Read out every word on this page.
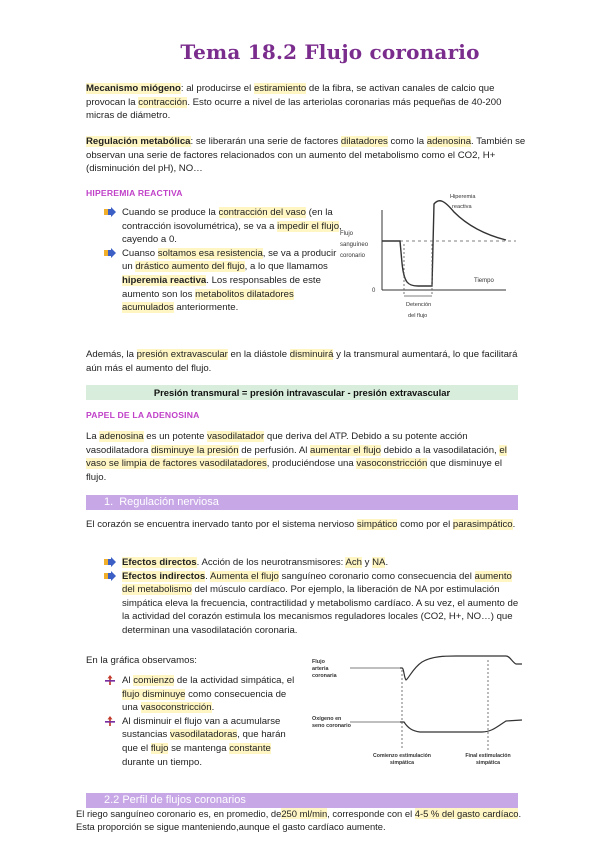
Tema 18.2 Flujo coronario
Mecanismo miógeno: al producirse el estiramiento de la fibra, se activan canales de calcio que provocan la contracción. Esto ocurre a nivel de las arteriolas coronarias más pequeñas de 40-200 micras de diámetro.
Regulación metabólica: se liberarán una serie de factores dilatadores como la adenosina. También se observan una serie de factores relacionados con un aumento del metabolismo como el CO2, H+ (disminución del pH), NO…
HIPEREMIA REACTIVA
Cuando se produce la contracción del vaso (en la contracción isovolumétrica), se va a impedir el flujo, cayendo a 0.
Cuanso soltamos esa resistencia, se va a producir un drástico aumento del flujo, a lo que llamamos hiperemia reactiva. Los responsables de este aumento son los metabolitos dilatadores acumulados anteriormente.
Flujo
sanguíneo
coronario
Hiperemia
reactiva
0
Tiempo
Detención
del flujo
Además, la presión extravascular en la diástole disminuirá y la transmural aumentará, lo que facilitará aún más el aumento del flujo.
Presión transmural = presión intravascular - presión extravascular
PAPEL DE LA ADENOSINA
La adenosina es un potente vasodilatador que deriva del ATP. Debido a su potente acción vasodilatadora disminuye la presión de perfusión. Al aumentar el flujo debido a la vasodilatación, el vaso se limpia de factores vasodilatadores, produciéndose una vasoconstricción que disminuye el flujo.
1. Regulación nerviosa
El corazón se encuentra inervado tanto por el sistema nervioso simpático como por el parasimpático.
Efectos directos. Acción de los neurotransmisores: Ach y NA.
Efectos indirectos. Aumenta el flujo sanguíneo coronario como consecuencia del aumento del metabolismo del músculo cardíaco. Por ejemplo, la liberación de NA por estimulación simpática eleva la frecuencia, contractilidad y metabolismo cardíaco. A su vez, el aumento de la actividad del corazón estimula los mecanismos reguladores locales (CO2, H+, NO…) que determinan una vasodilatación coronaria.
En la gráfica observamos:
Al comienzo de la actividad simpática, el flujo disminuye como consecuencia de una vasoconstricción.
Al disminuir el flujo van a acumularse sustancias vasodilatadoras, que harán que el flujo se mantenga constante durante un tiempo.
Flujo
arteria
coronaria
Oxígeno en
seno coronario
Comienzo estimulación
simpática
Final estimulación
simpática
2.2 Perfil de flujos coronarios
El riego sanguíneo coronario es, en promedio, de250 ml/min, corresponde con el 4-5 % del gasto cardíaco. Esta proporción se sigue manteniendo,aunque el gasto cardíaco aumente.
